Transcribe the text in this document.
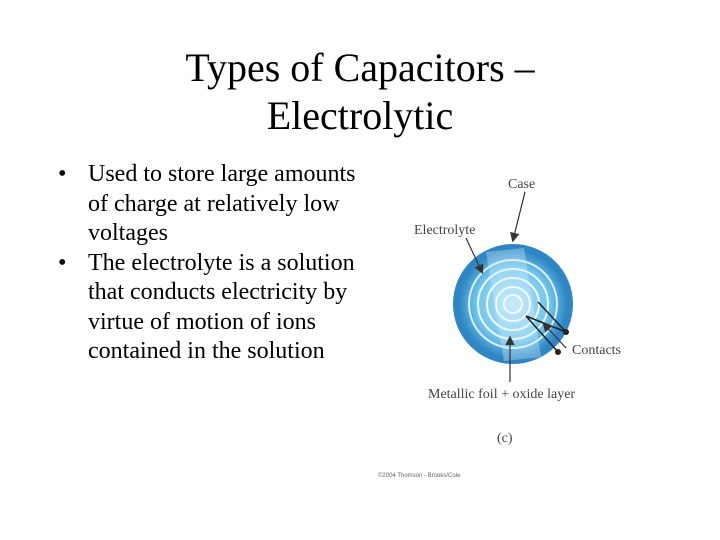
Types of Capacitors –
Electrolytic
• Used to store large amounts of charge at relatively low voltages
• The electrolyte is a solution that conducts electricity by virtue of motion of ions contained in the solution
Case
Electrolyte
Contacts
Metallic foil + oxide layer
(c)
©2004 Thomson - Brooks/Cole
